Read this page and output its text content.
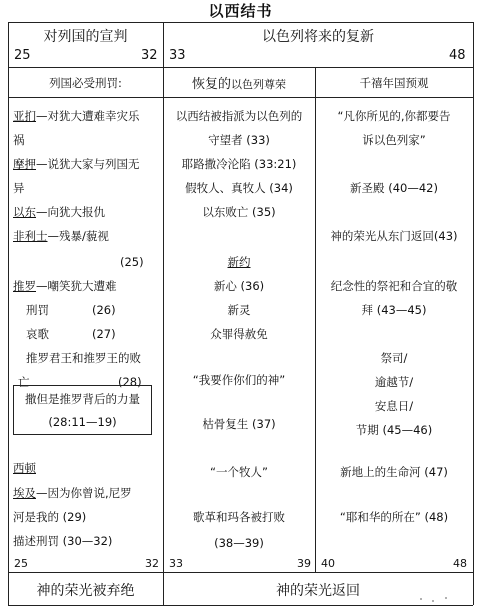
以西结书
对列国的宣判	以色列将来的复新
25	32 33	48
列国必受刑罚:	恢复的以色列尊荣	千禧年国预观
亚扪—对犹大遭难幸灾乐
祸
摩押—说犹大家与列国无
异
以东—向犹大报仇
非利士—残暴/藐视
(25)
推罗—嘲笑犹大遭难
刑罚	(26)
哀歌	(27)
推罗君王和推罗王的败
亡	(28)
撒但是推罗背后的力量
(28:11—19)
西顿
埃及—因为你曾说,尼罗
河是我的 (29)
描述刑罚 (30—32)
25	32
以西结被指派为以色列的
守望者 (33)
耶路撒冷沦陷 (33:21)
假牧人、真牧人 (34)
以东败亡 (35)
新约
新心 (36)
新灵
众罪得赦免
“我要作你们的神”
枯骨复生 (37)
“一个牧人”
歌革和玛各被打败
(38—39)
33	39
“凡你所见的,你都要告
诉以色列家”
新圣殿 (40—42)
神的荣光从东门返回(43)
纪念性的祭祀和合宜的敬
拜 (43—45)
祭司/
逾越节/
安息日/
节期 (45—46)
新地上的生命河 (47)
“耶和华的所在” (48)
40	48
神的荣光被弃绝	神的荣光返回
